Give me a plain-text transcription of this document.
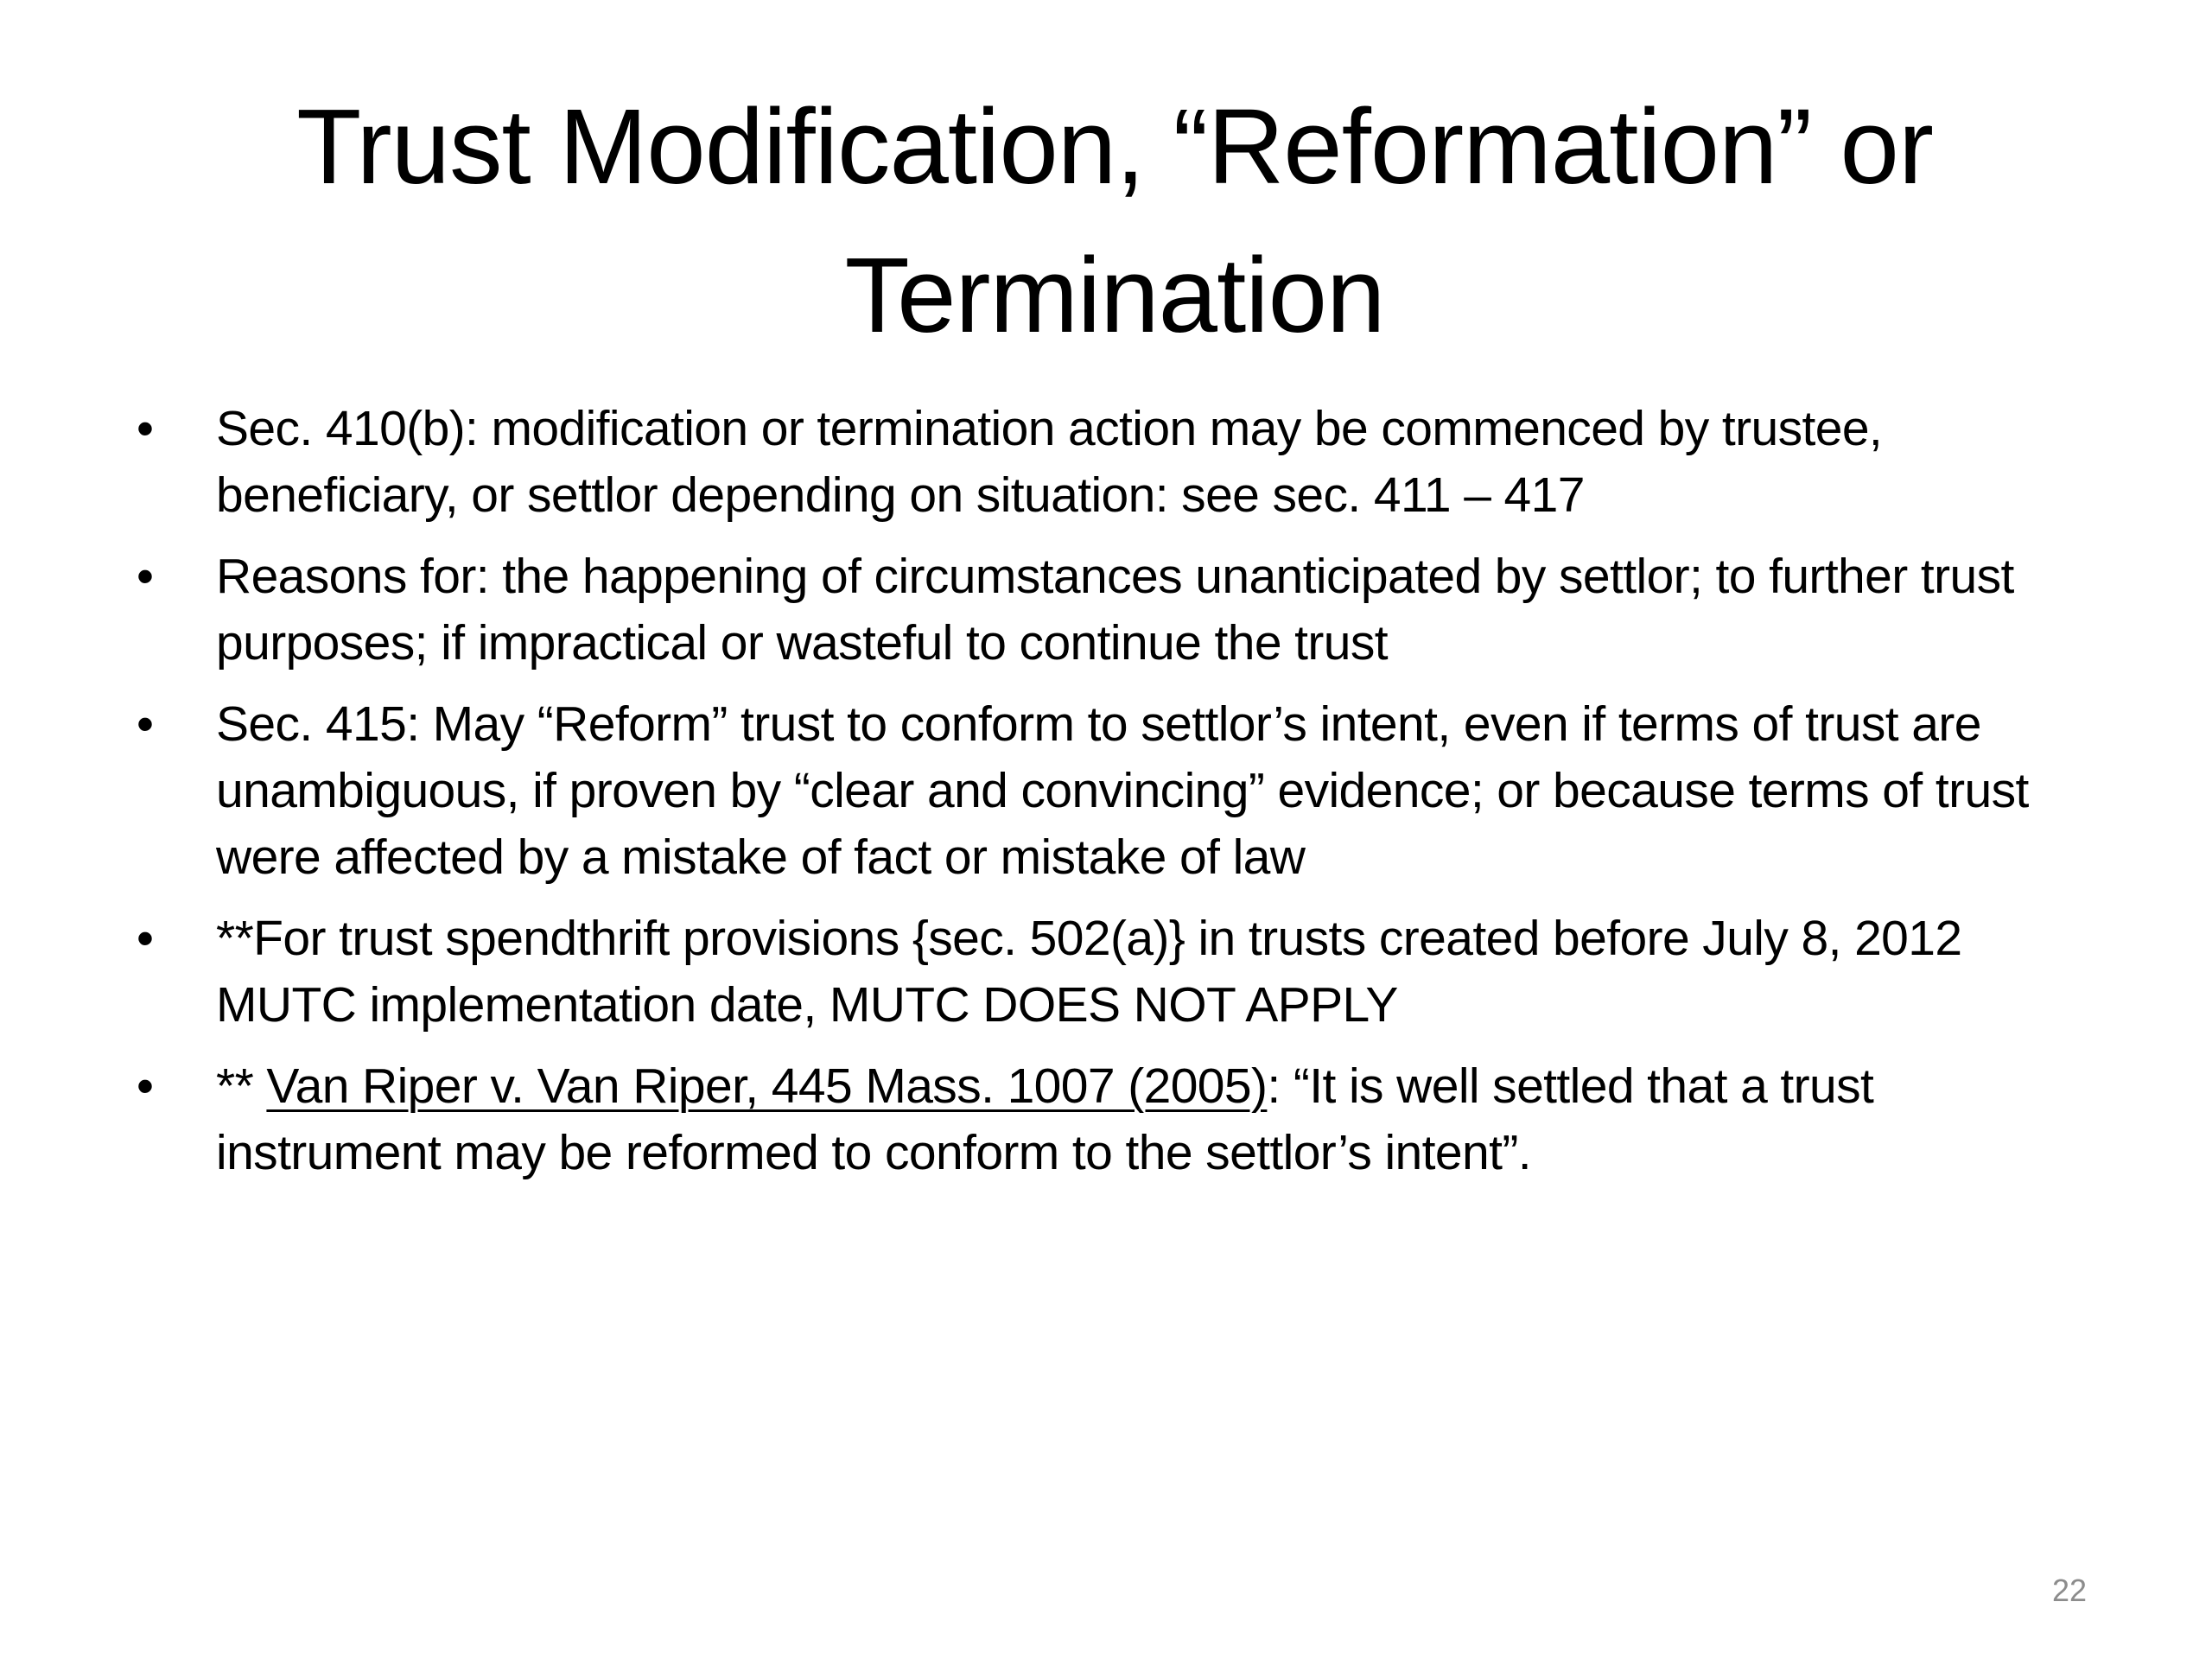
Trust Modification, “Reformation” or Termination
• Sec. 410(b): modification or termination action may be commenced by trustee, beneficiary, or settlor depending on situation: see sec. 411 – 417
• Reasons for: the happening of circumstances unanticipated by settlor; to further trust purposes; if impractical or wasteful to continue the trust
• Sec. 415: May “Reform” trust to conform to settlor’s intent, even if terms of trust are unambiguous, if proven by “clear and convincing” evidence; or because terms of trust were affected by a mistake of fact or mistake of law
• **For trust spendthrift provisions {sec. 502(a)} in trusts created before July 8, 2012 MUTC implementation date, MUTC DOES NOT APPLY
• ** Van Riper v. Van Riper, 445 Mass. 1007 (2005): “It is well settled that a trust instrument may be reformed to conform to the settlor’s intent”.
22
